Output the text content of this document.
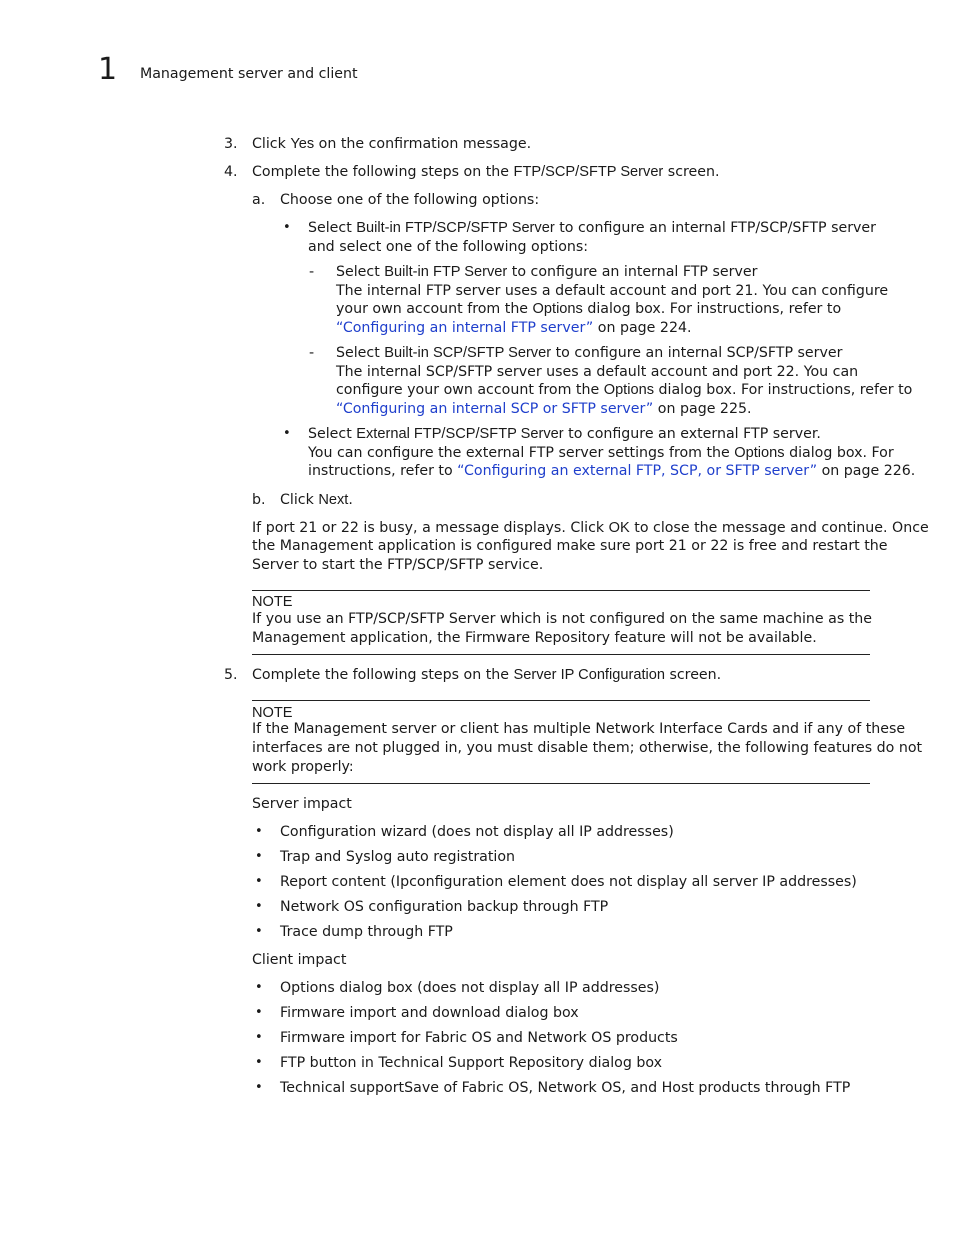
1 Management server and client
3. Click Yes on the confirmation message.
4. Complete the following steps on the FTP/SCP/SFTP Server screen.
a. Choose one of the following options:
• Select Built-in FTP/SCP/SFTP Server to configure an internal FTP/SCP/SFTP server
and select one of the following options:
- Select Built-in FTP Server to configure an internal FTP server
The internal FTP server uses a default account and port 21. You can configure
your own account from the Options dialog box. For instructions, refer to
“Configuring an internal FTP server” on page 224.
- Select Built-in SCP/SFTP Server to configure an internal SCP/SFTP server
The internal SCP/SFTP server uses a default account and port 22. You can
configure your own account from the Options dialog box. For instructions, refer to
“Configuring an internal SCP or SFTP server” on page 225.
• Select External FTP/SCP/SFTP Server to configure an external FTP server.
You can configure the external FTP server settings from the Options dialog box. For
instructions, refer to “Configuring an external FTP, SCP, or SFTP server” on page 226.
b. Click Next.
If port 21 or 22 is busy, a message displays. Click OK to close the message and continue. Once
the Management application is configured make sure port 21 or 22 is free and restart the
Server to start the FTP/SCP/SFTP service.
NOTE
If you use an FTP/SCP/SFTP Server which is not configured on the same machine as the
Management application, the Firmware Repository feature will not be available.
5. Complete the following steps on the Server IP Configuration screen.
NOTE
If the Management server or client has multiple Network Interface Cards and if any of these
interfaces are not plugged in, you must disable them; otherwise, the following features do not
work properly:
Server impact
• Configuration wizard (does not display all IP addresses)
• Trap and Syslog auto registration
• Report content (Ipconfiguration element does not display all server IP addresses)
• Network OS configuration backup through FTP
• Trace dump through FTP
Client impact
• Options dialog box (does not display all IP addresses)
• Firmware import and download dialog box
• Firmware import for Fabric OS and Network OS products
• FTP button in Technical Support Repository dialog box
• Technical supportSave of Fabric OS, Network OS, and Host products through FTP
